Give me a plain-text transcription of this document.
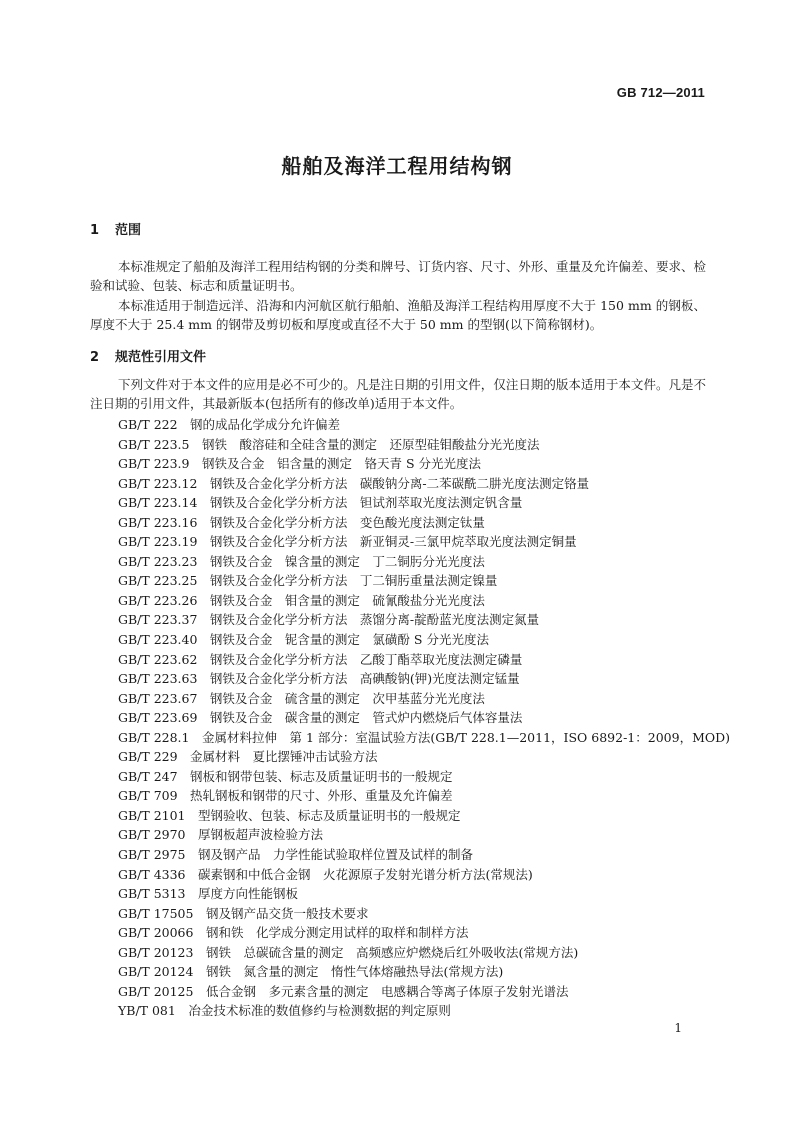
GB 712—2011
船舶及海洋工程用结构钢
1 范围

本标准规定了船舶及海洋工程用结构钢的分类和牌号、订货内容、尺寸、外形、重量及允许偏差、要求、检验和试验、包装、标志和质量证明书。

本标准适用于制造远洋、沿海和内河航区航行船舶、渔船及海洋工程结构用厚度不大于 150 mm 的钢板、厚度不大于 25.4 mm 的钢带及剪切板和厚度或直径不大于 50 mm 的型钢(以下简称钢材)。

2 规范性引用文件

下列文件对于本文件的应用是必不可少的。凡是注日期的引用文件，仅注日期的版本适用于本文件。凡是不注日期的引用文件，其最新版本(包括所有的修改单)适用于本文件。

GB/T 222　钢的成品化学成分允许偏差
GB/T 223.5　钢铁　酸溶硅和全硅含量的测定　还原型硅钼酸盐分光光度法
GB/T 223.9　钢铁及合金　铝含量的测定　铬天青 S 分光光度法
GB/T 223.12　钢铁及合金化学分析方法　碳酸钠分离-二苯碳酰二肼光度法测定铬量
GB/T 223.14　钢铁及合金化学分析方法　钽试剂萃取光度法测定钒含量
GB/T 223.16　钢铁及合金化学分析方法　变色酸光度法测定钛量
GB/T 223.19　钢铁及合金化学分析方法　新亚铜灵-三氯甲烷萃取光度法测定铜量
GB/T 223.23　钢铁及合金　镍含量的测定　丁二铜肟分光光度法
GB/T 223.25　钢铁及合金化学分析方法　丁二铜肟重量法测定镍量
GB/T 223.26　钢铁及合金　钼含量的测定　硫氰酸盐分光光度法
GB/T 223.37　钢铁及合金化学分析方法　蒸馏分离-靛酚蓝光度法测定氮量
GB/T 223.40　钢铁及合金　铌含量的测定　氯磺酚 S 分光光度法
GB/T 223.62　钢铁及合金化学分析方法　乙酸丁酯萃取光度法测定磷量
GB/T 223.63　钢铁及合金化学分析方法　高碘酸钠(钾)光度法测定锰量
GB/T 223.67　钢铁及合金　硫含量的测定　次甲基蓝分光光度法
GB/T 223.69　钢铁及合金　碳含量的测定　管式炉内燃烧后气体容量法
GB/T 228.1　金属材料拉伸　第 1 部分：室温试验方法(GB/T 228.1—2011，ISO 6892-1：2009，MOD)
GB/T 229　金属材料　夏比摆锤冲击试验方法
GB/T 247　钢板和钢带包装、标志及质量证明书的一般规定
GB/T 709　热轧钢板和钢带的尺寸、外形、重量及允许偏差
GB/T 2101　型钢验收、包装、标志及质量证明书的一般规定
GB/T 2970　厚钢板超声波检验方法
GB/T 2975　钢及钢产品　力学性能试验取样位置及试样的制备
GB/T 4336　碳素钢和中低合金钢　火花源原子发射光谱分析方法(常规法)
GB/T 5313　厚度方向性能钢板
GB/T 17505　钢及钢产品交货一般技术要求
GB/T 20066　钢和铁　化学成分测定用试样的取样和制样方法
GB/T 20123　钢铁　总碳硫含量的测定　高频感应炉燃烧后红外吸收法(常规方法)
GB/T 20124　钢铁　氮含量的测定　惰性气体熔融热导法(常规方法)
GB/T 20125　低合金钢　多元素含量的测定　电感耦合等离子体原子发射光谱法
YB/T 081　冶金技术标准的数值修约与检测数据的判定原则
1
